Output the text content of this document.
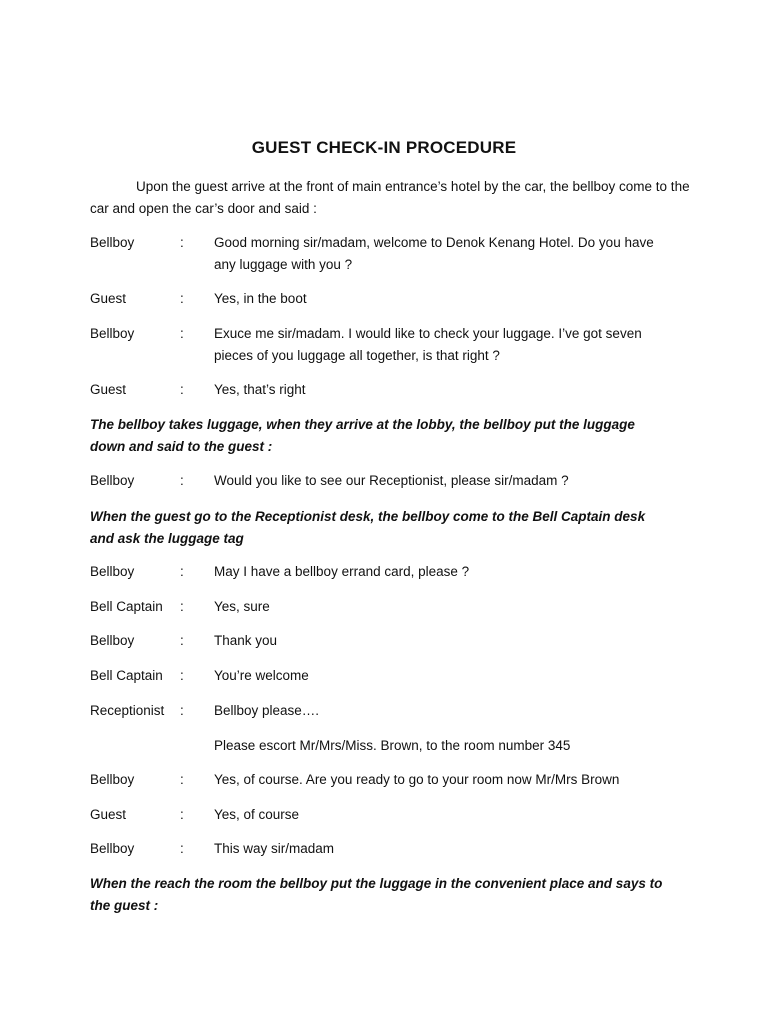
GUEST CHECK-IN PROCEDURE
Upon the guest arrive at the front of main entrance’s hotel by the car, the bellboy come to the car and open the car’s door and said :
Bellboy	:	Good morning sir/madam, welcome to Denok Kenang Hotel. Do you have any luggage with you ?
Guest	:	Yes, in the boot
Bellboy	:	Exuce me sir/madam. I would like to check your luggage. I’ve got seven pieces of you luggage all together, is that right ?
Guest	:	Yes, that’s right
The bellboy takes luggage, when they arrive at the lobby, the bellboy put the luggage down and said to the guest :
Bellboy	:	Would you like to see our Receptionist, please sir/madam ?
When the guest go to the Receptionist desk, the bellboy come to the Bell Captain desk and ask the luggage tag
Bellboy	:	May I have a bellboy errand card, please ?
Bell Captain	:	Yes, sure
Bellboy	:	Thank you
Bell Captain	:	You’re welcome
Receptionist	:	Bellboy please….
Please escort Mr/Mrs/Miss. Brown, to the room number 345
Bellboy	:	Yes, of course. Are you ready to go to your room now Mr/Mrs Brown
Guest	:	Yes, of course
Bellboy	:	This way sir/madam
When the reach the room the bellboy put the luggage in the convenient place and says to the guest :
